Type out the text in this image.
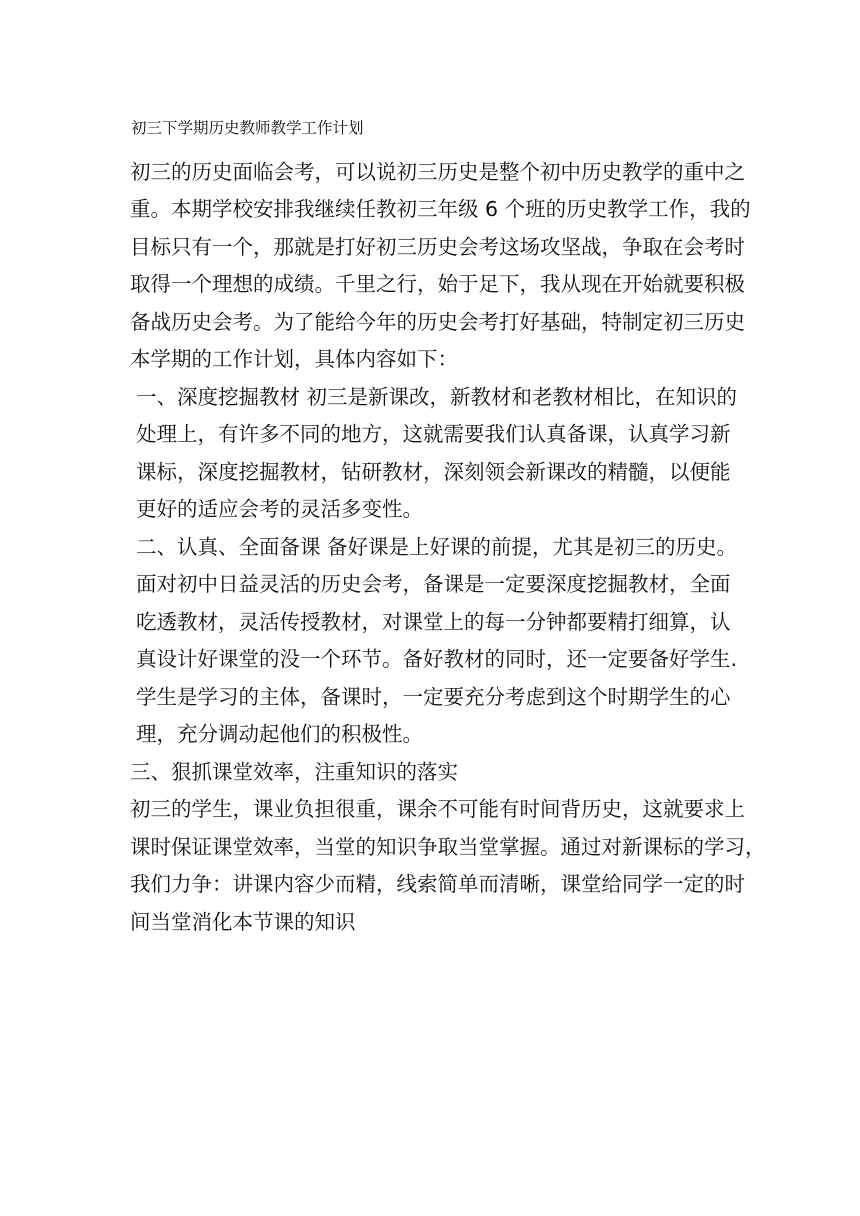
初三下学期历史教师教学工作计划
初三的历史面临会考，可以说初三历史是整个初中历史教学的重中之
重。本期学校安排我继续任教初三年级 6 个班的历史教学工作，我的
目标只有一个，那就是打好初三历史会考这场攻坚战，争取在会考时
取得一个理想的成绩。千里之行，始于足下，我从现在开始就要积极
备战历史会考。为了能给今年的历史会考打好基础，特制定初三历史
本学期的工作计划，具体内容如下：
一、深度挖掘教材 初三是新课改，新教材和老教材相比，在知识的
处理上，有许多不同的地方，这就需要我们认真备课，认真学习新
课标，深度挖掘教材，钻研教材，深刻领会新课改的精髓，以便能
更好的适应会考的灵活多变性。
二、认真、全面备课 备好课是上好课的前提，尤其是初三的历史。
面对初中日益灵活的历史会考，备课是一定要深度挖掘教材，全面
吃透教材，灵活传授教材，对课堂上的每一分钟都要精打细算，认
真设计好课堂的没一个环节。备好教材的同时，还一定要备好学生.
学生是学习的主体，备课时，一定要充分考虑到这个时期学生的心
理，充分调动起他们的积极性。
三、狠抓课堂效率，注重知识的落实
初三的学生，课业负担很重，课余不可能有时间背历史，这就要求上
课时保证课堂效率，当堂的知识争取当堂掌握。通过对新课标的学习，
我们力争：讲课内容少而精，线索简单而清晰，课堂给同学一定的时
间当堂消化本节课的知识
